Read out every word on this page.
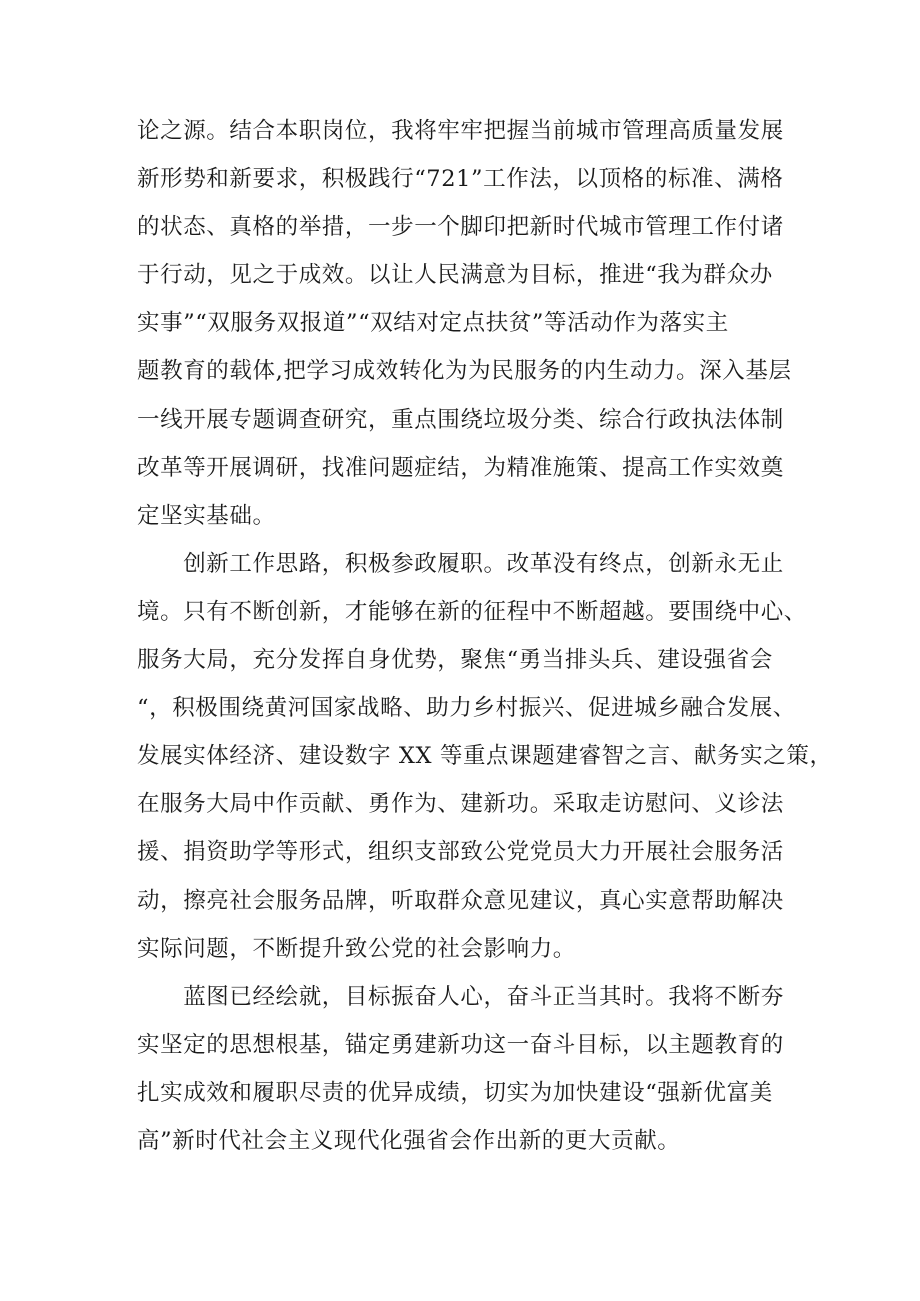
论之源。结合本职岗位，我将牢牢把握当前城市管理高质量发展
新形势和新要求，积极践行“721”工作法，以顶格的标准、满格
的状态、真格的举措，一步一个脚印把新时代城市管理工作付诸
于行动，见之于成效。以让人民满意为目标，推进“我为群众办
实事”“双服务双报道”“双结对定点扶贫”等活动作为落实主
题教育的载体,把学习成效转化为为民服务的内生动力。深入基层
一线开展专题调查研究，重点围绕垃圾分类、综合行政执法体制
改革等开展调研，找准问题症结，为精准施策、提高工作实效奠
定坚实基础。
　　创新工作思路，积极参政履职。改革没有终点，创新永无止
境。只有不断创新，才能够在新的征程中不断超越。要围绕中心、
服务大局，充分发挥自身优势，聚焦“勇当排头兵、建设强省会
“，积极围绕黄河国家战略、助力乡村振兴、促进城乡融合发展、
发展实体经济、建设数字 XX 等重点课题建睿智之言、献务实之策，
在服务大局中作贡献、勇作为、建新功。采取走访慰问、义诊法
援、捐资助学等形式，组织支部致公党党员大力开展社会服务活
动，擦亮社会服务品牌，听取群众意见建议，真心实意帮助解决
实际问题，不断提升致公党的社会影响力。
　　蓝图已经绘就，目标振奋人心，奋斗正当其时。我将不断夯
实坚定的思想根基，锚定勇建新功这一奋斗目标，以主题教育的
扎实成效和履职尽责的优异成绩，切实为加快建设“强新优富美
高”新时代社会主义现代化强省会作出新的更大贡献。
